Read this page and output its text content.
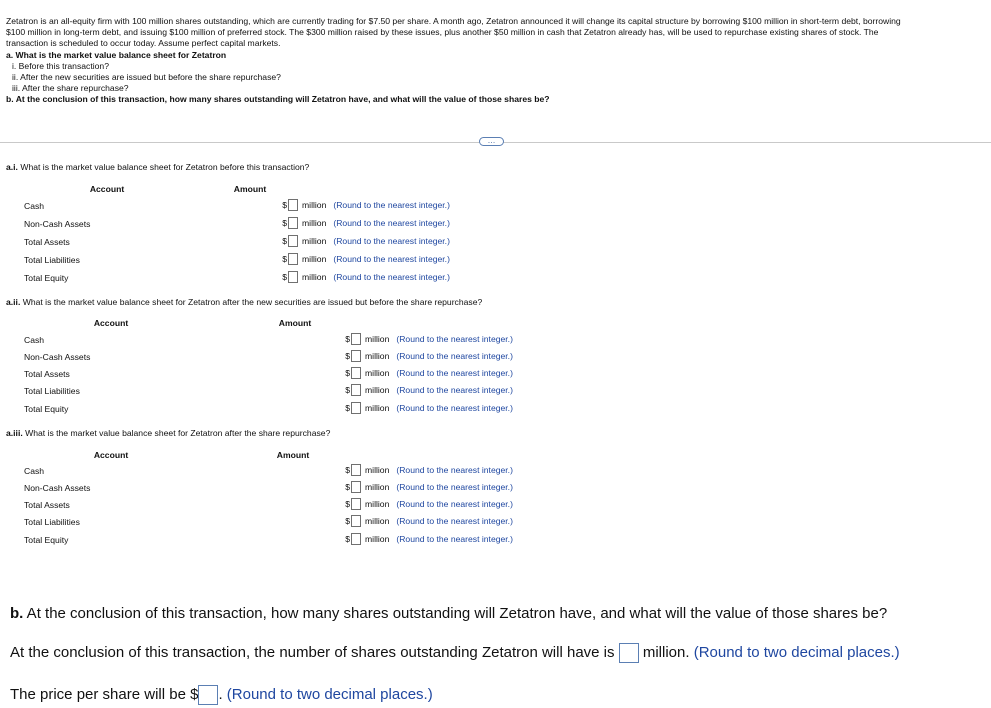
Zetatron is an all-equity firm with 100 million shares outstanding, which are currently trading for $7.50 per share. A month ago, Zetatron announced it will change its capital structure by borrowing $100 million in short-term debt, borrowing

$100 million in long-term debt, and issuing $100 million of preferred stock. The $300 million raised by these issues, plus another $50 million in cash that Zetatron already has, will be used to repurchase existing shares of stock. The

transaction is scheduled to occur today. Assume perfect capital markets.

a. What is the market value balance sheet for Zetatron

i. Before this transaction?

ii. After the new securities are issued but before the share repurchase?

iii. After the share repurchase?

b. At the conclusion of this transaction, how many shares outstanding will Zetatron have, and what will the value of those shares be?

…
a.i. What is the market value balance sheet for Zetatron before this transaction?
Account	Amount
Cash	$ million (Round to the nearest integer.)
Non-Cash Assets	$ million (Round to the nearest integer.)
Total Assets	$ million (Round to the nearest integer.)
Total Liabilities	$ million (Round to the nearest integer.)
Total Equity	$ million (Round to the nearest integer.)
a.ii. What is the market value balance sheet for Zetatron after the new securities are issued but before the share repurchase?
Account	Amount
Cash	$ million (Round to the nearest integer.)
Non-Cash Assets	$ million (Round to the nearest integer.)
Total Assets	$ million (Round to the nearest integer.)
Total Liabilities	$ million (Round to the nearest integer.)
Total Equity	$ million (Round to the nearest integer.)
a.iii. What is the market value balance sheet for Zetatron after the share repurchase?
Account	Amount
Cash	$ million (Round to the nearest integer.)
Non-Cash Assets	$ million (Round to the nearest integer.)
Total Assets	$ million (Round to the nearest integer.)
Total Liabilities	$ million (Round to the nearest integer.)
Total Equity	$ million (Round to the nearest integer.)
b. At the conclusion of this transaction, how many shares outstanding will Zetatron have, and what will the value of those shares be?
At the conclusion of this transaction, the number of shares outstanding Zetatron will have is million. (Round to two decimal places.)
The price per share will be $ . (Round to two decimal places.)
